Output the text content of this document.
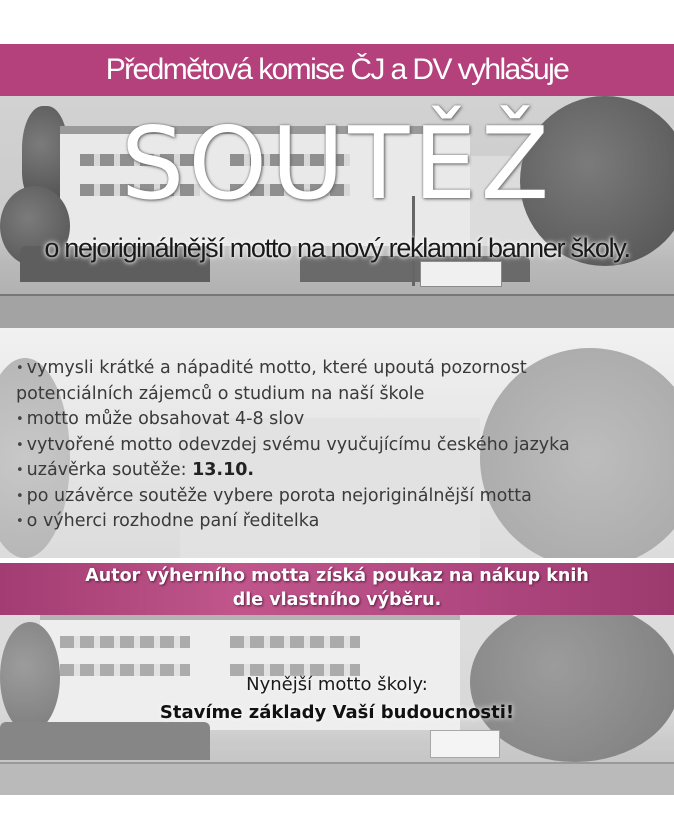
Předmětová komise ČJ a DV vyhlašuje
SOUTĚŽ
o nejoriginálnější motto na nový reklamní banner školy.
• vymysli krátké a nápadité motto, které upoutá pozornost
potenciálních zájemců o studium na naší škole
• motto může obsahovat 4-8 slov
• vytvořené motto odevzdej svému vyučujícímu českého jazyka
• uzávěrka soutěže: 13.10.
• po uzávěrce soutěže vybere porota nejoriginálnější motta
• o výherci rozhodne paní ředitelka
Autor výherního motta získá poukaz na nákup knih
dle vlastního výběru.
Nynější motto školy:
Stavíme základy Vaší budoucnosti!
